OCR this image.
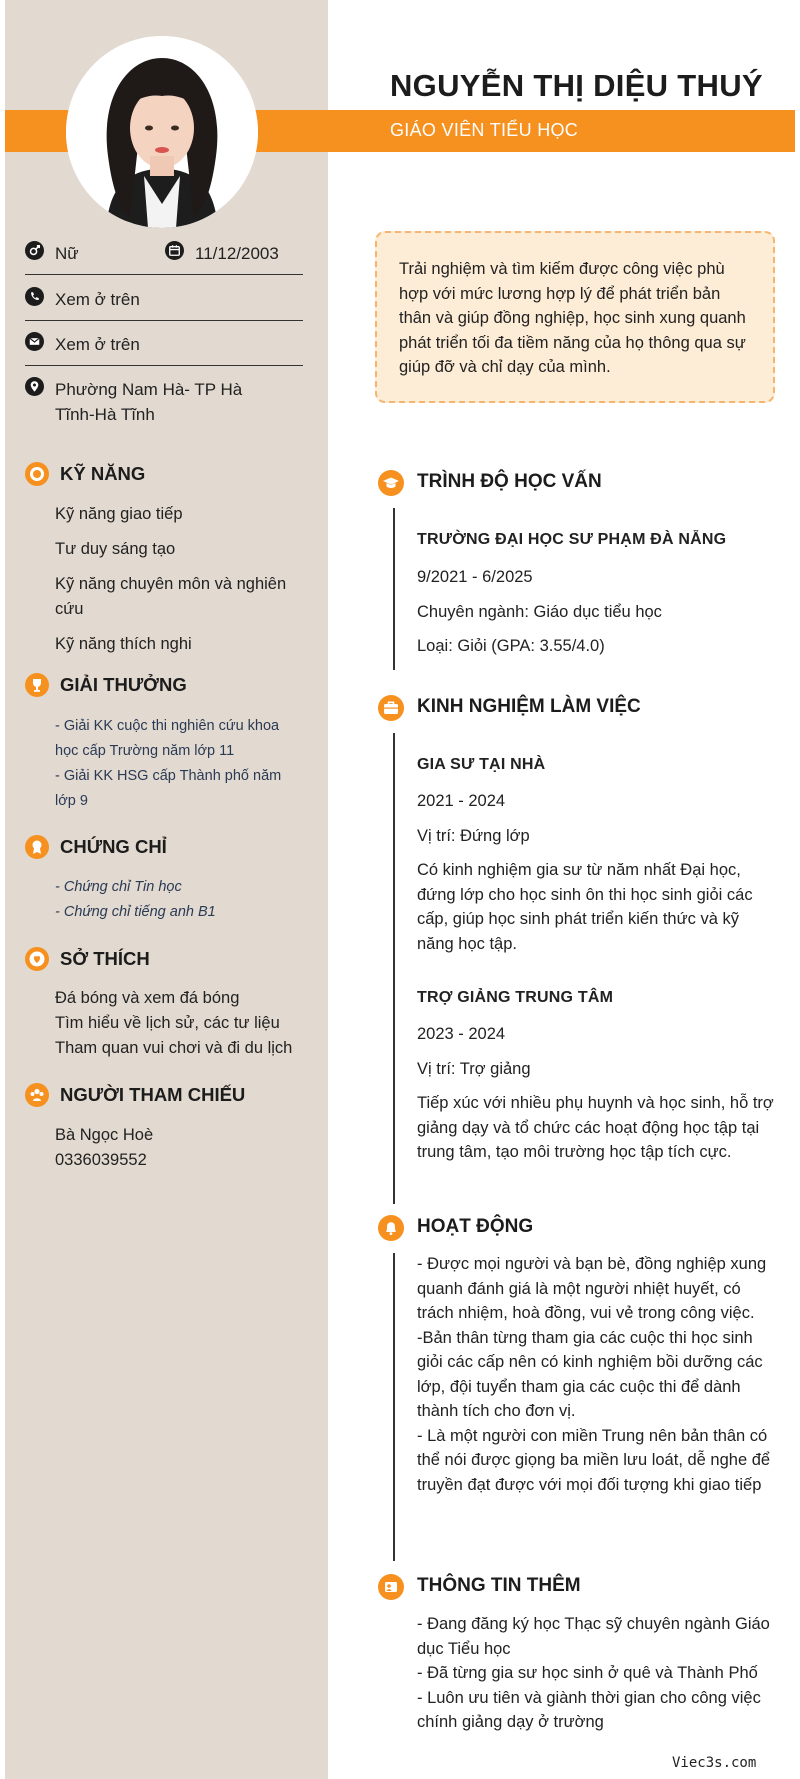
NGUYỄN THỊ DIỆU THUÝ
GIÁO VIÊN TIỂU HỌC
Nữ	11/12/2003
Xem ở trên
Xem ở trên
Phường Nam Hà- TP Hà Tĩnh-Hà Tĩnh
KỸ NĂNG
Kỹ năng giao tiếp
Tư duy sáng tạo
Kỹ năng chuyên môn và nghiên cứu
Kỹ năng thích nghi
GIẢI THƯỞNG
- Giải KK cuộc thi nghiên cứu khoa học cấp Trường năm lớp 11
- Giải KK HSG cấp Thành phố năm lớp 9
CHỨNG CHỈ
- Chứng chỉ Tin học
- Chứng chỉ tiếng anh B1
SỞ THÍCH
Đá bóng và xem đá bóng
Tìm hiểu về lịch sử, các tư liệu
Tham quan vui chơi và đi du lịch
NGƯỜI THAM CHIẾU
Bà Ngọc Hoè
0336039552
Trải nghiệm và tìm kiếm được công việc phù hợp với mức lương hợp lý để phát triển bản thân và giúp đồng nghiệp, học sinh xung quanh phát triển tối đa tiềm năng của họ thông qua sự giúp đỡ và chỉ dạy của mình.
TRÌNH ĐỘ HỌC VẤN
TRƯỜNG ĐẠI HỌC SƯ PHẠM ĐÀ NẴNG
9/2021 - 6/2025
Chuyên ngành: Giáo dục tiểu học
Loại: Giỏi (GPA: 3.55/4.0)
KINH NGHIỆM LÀM VIỆC
GIA SƯ TẠI NHÀ
2021 - 2024
Vị trí: Đứng lớp
Có kinh nghiệm gia sư từ năm nhất Đại học, đứng lớp cho học sinh ôn thi học sinh giỏi các cấp, giúp học sinh phát triển kiến thức và kỹ năng học tập.
TRỢ GIẢNG TRUNG TÂM
2023 - 2024
Vị trí: Trợ giảng
Tiếp xúc với nhiều phụ huynh và học sinh, hỗ trợ giảng dạy và tổ chức các hoạt động học tập tại trung tâm, tạo môi trường học tập tích cực.
HOẠT ĐỘNG
- Được mọi người và bạn bè, đồng nghiệp xung quanh đánh giá là một người nhiệt huyết, có trách nhiệm, hoà đồng, vui vẻ trong công việc.
-Bản thân từng tham gia các cuộc thi học sinh giỏi các cấp nên có kinh nghiệm bồi dưỡng các lớp, đội tuyển tham gia các cuộc thi để dành thành tích cho đơn vị.
- Là một người con miền Trung nên bản thân có thể nói được giọng ba miền lưu loát, dễ nghe để truyền đạt được với mọi đối tượng khi giao tiếp
THÔNG TIN THÊM
- Đang đăng ký học Thạc sỹ chuyên ngành Giáo dục Tiểu học
- Đã từng gia sư học sinh ở quê và Thành Phố
- Luôn ưu tiên và giành thời gian cho công việc chính giảng dạy ở trường
Viec3s.com
